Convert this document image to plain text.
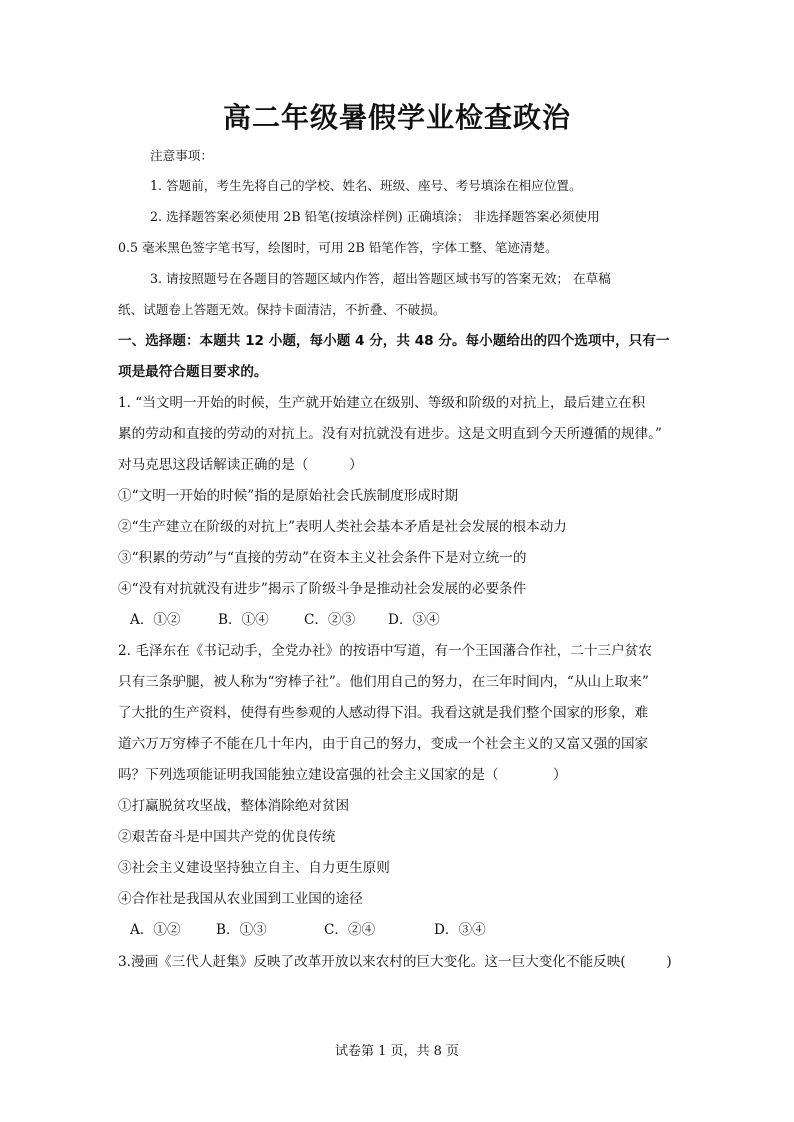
高二年级暑假学业检查政治
注意事项：
1. 答题前，考生先将自己的学校、姓名、班级、座号、考号填涂在相应位置。
2. 选择题答案必须使用 2B 铅笔(按填涂样例) 正确填涂； 非选择题答案必须使用
0.5 毫米黑色签字笔书写，绘图时，可用 2B 铅笔作答，字体工整、笔迹清楚。
3. 请按照题号在各题目的答题区域内作答，超出答题区域书写的答案无效； 在草稿
纸、试题卷上答题无效。保持卡面清洁，不折叠、不破损。
一、选择题：本题共 12 小题，每小题 4 分，共 48 分。每小题给出的四个选项中，只有一
项是最符合题目要求的。
1. “当文明一开始的时候，生产就开始建立在级别、等级和阶级的对抗上，最后建立在积
累的劳动和直接的劳动的对抗上。没有对抗就没有进步。这是文明直到今天所遵循的规律。”
对马克思这段话解读正确的是（　　　）
①“文明一开始的时候”指的是原始社会氏族制度形成时期
②“生产建立在阶级的对抗上”表明人类社会基本矛盾是社会发展的根本动力
③“积累的劳动”与“直接的劳动”在资本主义社会条件下是对立统一的
④“没有对抗就没有进步”揭示了阶级斗争是推动社会发展的必要条件
A．①②	B．①④	C．②③ D．③④
2. 毛泽东在《书记动手，全党办社》的按语中写道，有一个王国藩合作社，二十三户贫农
只有三条驴腿，被人称为“穷棒子社”。他们用自己的努力，在三年时间内，“从山上取来”
了大批的生产资料，使得有些参观的人感动得下泪。我看这就是我们整个国家的形象，难
道六万万穷棒子不能在几十年内，由于自己的努力，变成一个社会主义的又富又强的国家
吗？下列选项能证明我国能独立建设富强的社会主义国家的是（　　　　）
①打赢脱贫攻坚战，整体消除绝对贫困
②艰苦奋斗是中国共产党的优良传统
③社会主义建设坚持独立自主、自力更生原则
④合作社是我国从农业国到工业国的途径
A．①②	B．①③	C．②④	D．③④
3.漫画《三代人赶集》反映了改革开放以来农村的巨大变化。这一巨大变化不能反映(　　　)
试卷第 1 页，共 8 页
